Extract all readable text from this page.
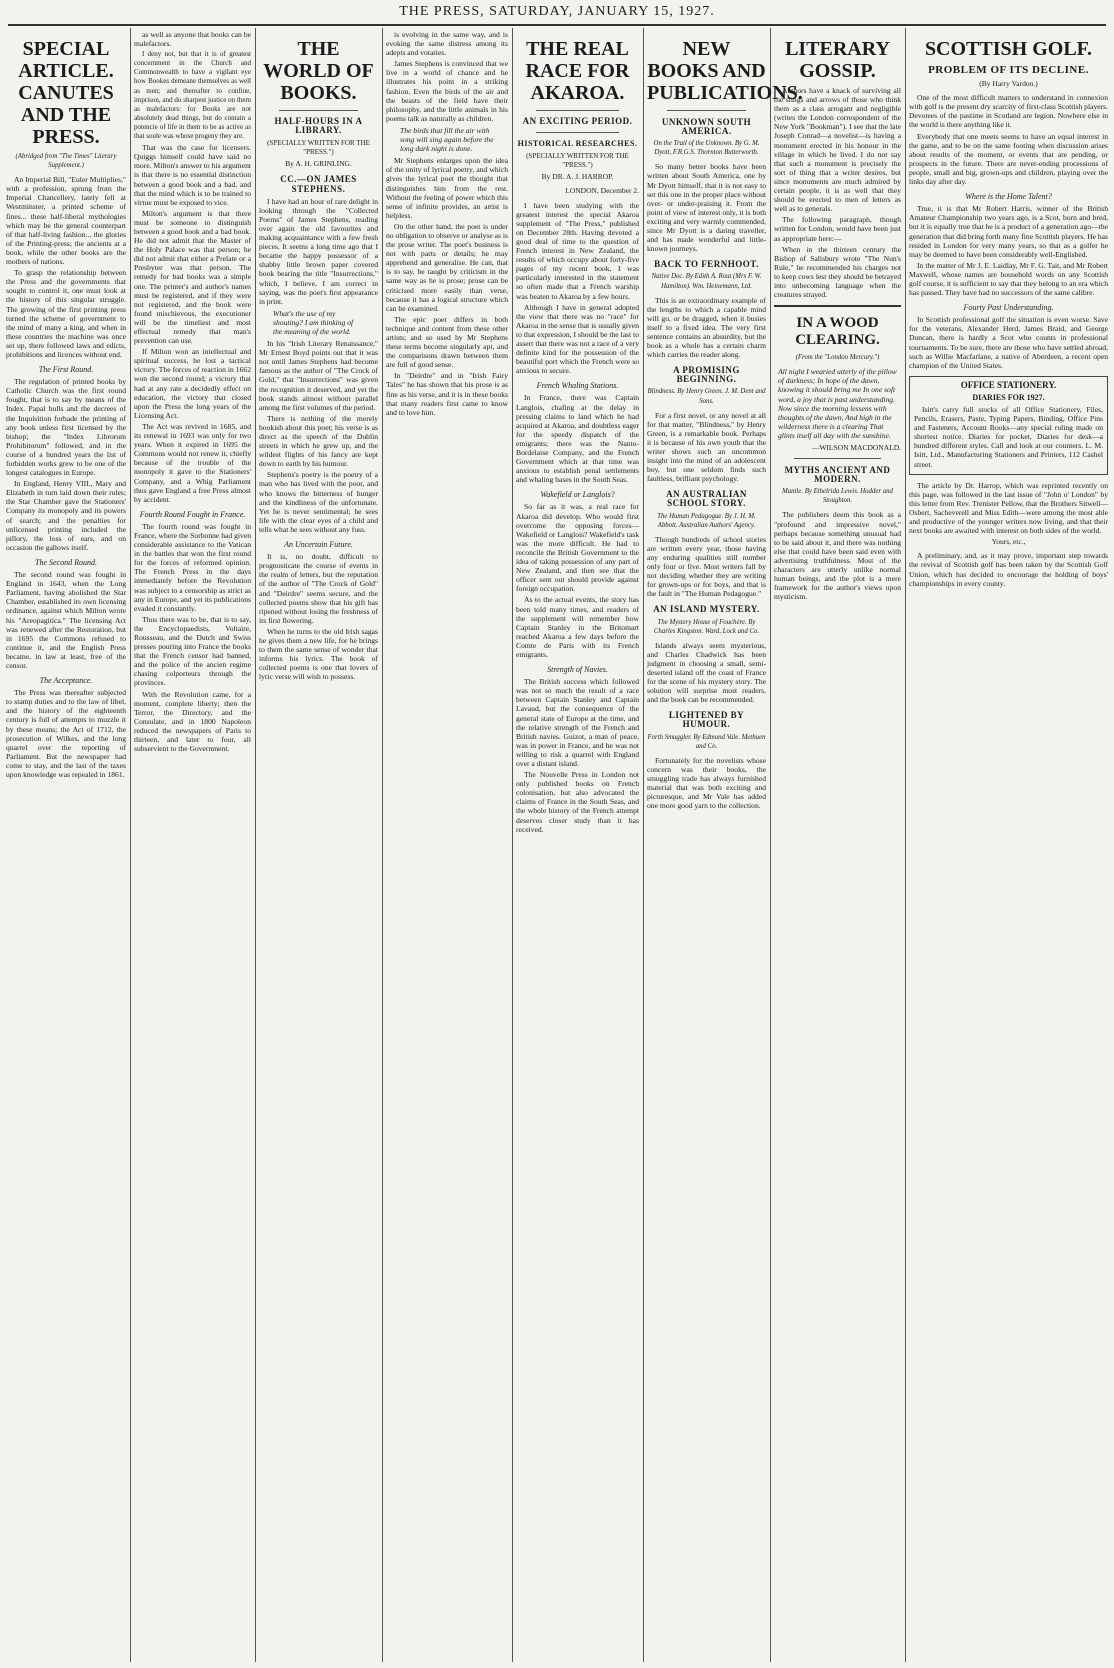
THE PRESS, SATURDAY, JANUARY 15, 1927.
SPECIAL ARTICLE. CANUTES AND THE PRESS.
(Abridged from "The Times" Literary Supplement.)

An Imperial Bill, "Euler Multiplies," with a profession, sprung from the Imperial Chancellery, lately fell at Westminster, a printed scheme of fines... these half-liberal mythologies which may be the general counterpart of that half-living fashion... the glories of the Printing-press; the ancients at a book, while the other books are the mothers of nations.

To grasp the relationship between the Press and the governments that sought to control it, one must look at the history of this singular struggle. The growing of the first printing press turned the scheme of government to the mind of many a king, and when in these countries the machine was once set up, there followed laws and edicts, prohibitions and licences without end.

The First Round.

The regulation of printed books by Catholic Church was the first round fought, that is to say by means of the Index. Papal bulls and the decrees of the Inquisition forbade the printing of any book unless first licensed by the bishop; the "Index Librorum Prohibitorum" followed, and in the course of a hundred years the list of forbidden works grew to be one of the longest catalogues in Europe.

In England, Henry VIII., Mary and Elizabeth in turn laid down their rules; the Star Chamber gave the Stationers' Company its monopoly and its powers of search; and the penalties for unlicensed printing included the pillory, the loss of ears, and on occasion the gallows itself.

The Second Round.

The second round was fought in England in 1643, when the Long Parliament, having abolished the Star Chamber, established its own licensing ordinance, against which Milton wrote his "Areopagitica." The licensing Act was renewed after the Restoration, but in 1695 the Commons refused to continue it, and the English Press became, in law at least, free of the censor.

The Acceptance.

The Press was thereafter subjected to stamp duties and to the law of libel, and the history of the eighteenth century is full of attempts to muzzle it by these means; the Act of 1712, the prosecution of Wilkes, and the long quarrel over the reporting of Parliament. But the newspaper had come to stay, and the last of the taxes upon knowledge was repealed in 1861.

as well as anyone that books can be malefactors.

I deny not, but that it is of greatest concernment in the Church and Commonwealth to have a vigilant eye how Bookes demeane themselves as well as men; and thereafter to confine, imprison, and do sharpest justice on them as malefactors: for Books are not absolutely dead things, but do contain a potencie of life in them to be as active as that soule was whose progeny they are.

That was the case for licensers. Quiggs himself could have said no more. Milton's answer to his argument is that there is no essential distinction between a good book and a bad, and that the mind which is to be trained to virtue must be exposed to vice.

Milton's argument is that there must be someone to distinguish between a good book and a bad book. He did not admit that the Master of the Holy Palace was that person; he did not admit that either a Prelate or a Presbyter was that person. The remedy for bad books was a simple one. The printer's and author's names must be registered, and if they were not registered, and the book were found mischievous, the executioner will be the timeliest and most effectual remedy that man's prevention can use.

If Milton won an intellectual and spiritual success, he lost a tactical victory. The forces of reaction in 1662 won the second round; a victory that had at any rate a decidedly effect on education, the victory that closed upon the Press the long years of the Licensing Act.

The Act was revived in 1685, and its renewal in 1693 was only for two years. When it expired in 1695 the Commons would not renew it, chiefly because of the trouble of the monopoly it gave to the Stationers' Company, and a Whig Parliament thus gave England a free Press almost by accident.

Fourth Round Fought in France.

The fourth round was fought in France, where the Sorbonne had given considerable assistance to the Vatican in the battles that won the first round for the forces of reformed opinion. The French Press in the days immediately before the Revolution was subject to a censorship as strict as any in Europe, and yet its publications evaded it constantly.

Thus there was to be, that is to say, the Encyclopaedists, Voltaire, Rousseau, and the Dutch and Swiss presses pouring into France the books that the French censor had banned, and the police of the ancien regime chasing colporteurs through the provinces.

With the Revolution came, for a moment, complete liberty; then the Terror, the Directory, and the Consulate, and in 1800 Napoleon reduced the newspapers of Paris to thirteen, and later to four, all subservient to the Government.

THE WORLD OF BOOKS.
HALF-HOURS IN A LIBRARY.
(SPECIALLY WRITTEN FOR THE "PRESS.")
By A. H. GRINLING.
CC.—ON JAMES STEPHENS.

I have had an hour of rare delight in looking through the "Collected Poems" of James Stephens, reading over again the old favourites and making acquaintance with a few fresh pieces. It seems a long time ago that I became the happy possessor of a shabby little brown paper covered book bearing the title "Insurrections," which, I believe, I am correct in saying, was the poet's first appearance in print.

What's the use of my shouting? I am thinking of the meaning of the world.

In his "Irish Literary Renaissance," Mr Ernest Boyd points out that it was not until James Stephens had become famous as the author of "The Crock of Gold," that "Insurrections" was given the recognition it deserved, and yet the book stands almost without parallel among the first volumes of the period.

There is nothing of the merely bookish about this poet; his verse is as direct as the speech of the Dublin streets in which he grew up, and the wildest flights of his fancy are kept down to earth by his humour.

Stephens's poetry is the poetry of a man who has lived with the poor, and who knows the bitterness of hunger and the kindliness of the unfortunate. Yet he is never sentimental; he sees life with the clear eyes of a child and tells what he sees without any fuss.

An Uncertain Future.

It is, no doubt, difficult to prognosticate the course of events in the realm of letters, but the reputation of the author of "The Crock of Gold" and "Deirdre" seems secure, and the collected poems show that his gift has ripened without losing the freshness of its first flowering.

When he turns to the old Irish sagas he gives them a new life, for he brings to them the same sense of wonder that informs his lyrics. The book of collected poems is one that lovers of lyric verse will wish to possess.

is evolving in the same way, and is evoking the same distress among its adepts and votaries.

James Stephens is convinced that we live in a world of chance and he illustrates his point in a striking fashion. Even the birds of the air and the beasts of the field have their philosophy, and the little animals in his poems talk as naturally as children.

The birds that fill the air with song will sing again before the long dark night is done.

Mr Stephens enlarges upon the idea of the unity of lyrical poetry, and which gives the lyrical poet the thought that distinguishes him from the rest. Without the feeling of power which this sense of infinite provides, an artist is helpless.

On the other hand, the poet is under no obligation to observe or analyse as is the prose writer. The poet's business is not with parts or details; he may apprehend and generalise. He can, that is to say, be taught by criticism in the same way as he is prose; prose can be criticised more easily than verse, because it has a logical structure which can be examined.

The epic poet differs in both technique and content from these other artists; and so used by Mr Stephens these terms become singularly apt, and the comparisons drawn between them are full of good sense.

In "Deirdre" and in "Irish Fairy Tales" he has shown that his prose is as fine as his verse, and it is in these books that many readers first came to know and to love him.

THE REAL RACE FOR AKAROA.
AN EXCITING PERIOD.
HISTORICAL RESEARCHES.
(SPECIALLY WRITTEN FOR THE "PRESS.")
By DR. A. J. HARROP.
LONDON, December 2.

I have been studying with the greatest interest the special Akaroa supplement of "The Press," published on December 28th. Having devoted a good deal of time to the question of French interest in New Zealand, the results of which occupy about forty-five pages of my recent book, I was particularly interested in the statement so often made that a French warship was beaten to Akaroa by a few hours.

Although I have in general adopted the view that there was no "race" for Akaroa in the sense that is usually given to that expression, I should be the last to assert that there was not a race of a very definite kind for the possession of the beautiful port which the French were so anxious to secure.

French Whaling Stations.

In France, there was Captain Langlois, chafing at the delay in pressing claims to land which he had acquired at Akaroa, and doubtless eager for the speedy dispatch of the emigrants; there was the Nanto-Bordelaise Company, and the French Government which at that time was anxious to establish penal settlements and whaling bases in the South Seas.

Wakefield or Langlois?

So far as it was, a real race for Akaroa did develop. Who would first overcome the opposing forces—Wakefield or Langlois? Wakefield's task was the more difficult. He had to reconcile the British Government to the idea of taking possession of any part of New Zealand, and then see that the officer sent out should provide against foreign occupation.

As to the actual events, the story has been told many times, and readers of the supplement will remember how Captain Stanley in the Britomart reached Akaroa a few days before the Comte de Paris with its French emigrants.

Strength of Navies.

The British success which followed was not so much the result of a race between Captain Stanley and Captain Lavaud, but the consequence of the general state of Europe at the time, and the relative strength of the French and British navies. Guizot, a man of peace, was in power in France, and he was not willing to risk a quarrel with England over a distant island.

The Nouvelle Press in London not only published books on French colonisation, but also advocated the claims of France in the South Seas, and the whole history of the French attempt deserves closer study than it has received.

NEW BOOKS AND PUBLICATIONS.
UNKNOWN SOUTH AMERICA.
On the Trail of the Unknown. By G. M. Dyott, F.R.G.S. Thornton Butterworth.

So many better books have been written about South America, one by Mr Dyott himself, that it is not easy to set this one in the proper place without over- or under-praising it. From the point of view of interest only, it is both exciting and very warmly commended, since Mr Dyott is a daring traveller, and has made wonderful and little-known journeys.

BACK TO FERNHOOT.
Native Doc. By Edith A. Rout (Mrs F. W. Hamilton). Wm. Heinemann, Ltd.

This is an extraordinary example of the lengths to which a capable mind will go, or be dragged, when it busies itself to a fixed idea. The very first sentence contains an absurdity, but the book as a whole has a certain charm which carries the reader along.

A PROMISING BEGINNING.
Blindness. By Henry Green. J. M. Dent and Sons.

For a first novel, or any novel at all for that matter, "Blindness," by Henry Green, is a remarkable book. Perhaps it is because of his own youth that the writer shows such an uncommon insight into the mind of an adolescent boy, but one seldom finds such faultless, brilliant psychology.

AN AUSTRALIAN SCHOOL STORY.
The Human Pedagogue. By J. H. M. Abbott. Australian Authors' Agency.

Though hundreds of school stories are written every year, those having any enduring qualities still number only four or five. Most writers fall by not deciding whether they are writing for grown-ups or for boys, and that is the fault in "The Human Pedagogue."

AN ISLAND MYSTERY.
The Mystery House of Fouchère. By Charles Kingston. Ward, Lock and Co.

Islands always seem mysterious, and Charles Chadwick has been judgment in choosing a small, semi-deserted island off the coast of France for the scene of his mystery story. The solution will surprise most readers, and the book can be recommended.

LIGHTENED BY HUMOUR.
Forth Smuggler. By Edmund Vale. Methuen and Co.

Fortunately for the novelists whose concern was their books, the smuggling trade has always furnished material that was both exciting and picturesque, and Mr Vale has added one more good yarn to the collection.

LITERARY GOSSIP.

Authors have a knack of surviving all the slings and arrows of those who think them as a class arrogant and negligible (writes the London correspondent of the New York "Bookman"). I see that the late Joseph Conrad—a novelist—is having a monument erected in his honour in the village in which he lived. I do not say that such a monument is precisely the sort of thing that a writer desires, but since monuments are much admired by certain people, it is as well that they should be erected to men of letters as well as to generals.

The following paragraph, though written for London, would have been just as appropriate here:—

When in the thirteen century the Bishop of Salisbury wrote "The Nun's Rule," he recommended his charges not to keep cows lest they should be betrayed into unbecoming language when the creatures strayed.

IN A WOOD CLEARING.
(From the "London Mercury.")
All night I wearied utterly of the pillow of darkness; In hope of the dawn, knowing it should bring me In one soft word, a joy that is past understanding. Now since the morning lessens with thoughts of the dawn, And high in the wilderness there is a clearing That glints itself all day with the sunshine.
—WILSON MACDONALD.
MYTHS ANCIENT AND MODERN.
Mantle. By Ethelrida Lewis. Hodder and Stoughton.

The publishers deem this book as a "profound and impressive novel," perhaps because something unusual had to be said about it, and there was nothing else that could have been said even with advertising truthfulness. Most of the characters are utterly unlike normal human beings, and the plot is a mere framework for the author's views upon mysticism.

SCOTTISH GOLF.
PROBLEM OF ITS DECLINE.
(By Harry Vardon.)

One of the most difficult matters to understand in connexion with golf is the present dry scarcity of first-class Scottish players. Devotees of the pastime in Scotland are legion. Nowhere else in the world is there anything like it.

Everybody that one meets seems to have an equal interest in the game, and to be on the same footing when discussion arises about results of the moment, or events that are pending, or prospects in the future. There are never-ending processions of people, small and big, grown-ups and children, playing over the links day after day.

Where is the Home Talent?

True, it is that Mr Robert Harris, winner of the British Amateur Championship two years ago, is a Scot, born and bred, but it is equally true that he is a product of a generation ago—the generation that did bring forth many fine Scottish players. He has resided in London for very many years, so that as a golfer he may be deemed to have been considerably well-Englished.

In the matter of Mr J. E. Laidlay, Mr F. G. Tait, and Mr Robert Maxwell, whose names are household words on any Scottish golf course, it is sufficient to say that they belong to an era which has passed. They have had no successors of the same calibre.

Fourty Past Understanding.

In Scottish professional golf the situation is even worse. Save for the veterans, Alexander Herd, James Braid, and George Duncan, there is hardly a Scot who counts in professional tournaments. To be sure, there are those who have settled abroad, such as Willie Macfarlane, a native of Aberdeen, a recent open champion of the United States.

OFFICE STATIONERY.
DIARIES FOR 1927.

Isitt's carry full stocks of all Office Stationery, Files, Pencils, Erasers, Paste, Typing Papers, Binding, Office Pins and Fasteners, Account Books—any special ruling made on shortest notice. Diaries for pocket, Diaries for desk—a hundred different styles. Call and look at our counters. L. M. Isitt, Ltd., Manufacturing Stationers and Printers, 112 Cashel street.

The article by Dr. Harrop, which was reprinted recently on this page, was followed in the last issue of "John o' London" by this letter from Rev. Trenister Pellow, that the Brothers Sitwell—Osbert, Sacheverell and Miss Edith—were among the most able and productive of the younger writers now living, and that their next books are awaited with interest on both sides of the world.

Yours, etc.,

A preliminary, and, as it may prove, important step towards the revival of Scottish golf has been taken by the Scottish Golf Union, which has decided to encourage the holding of boys' championships in every county.
